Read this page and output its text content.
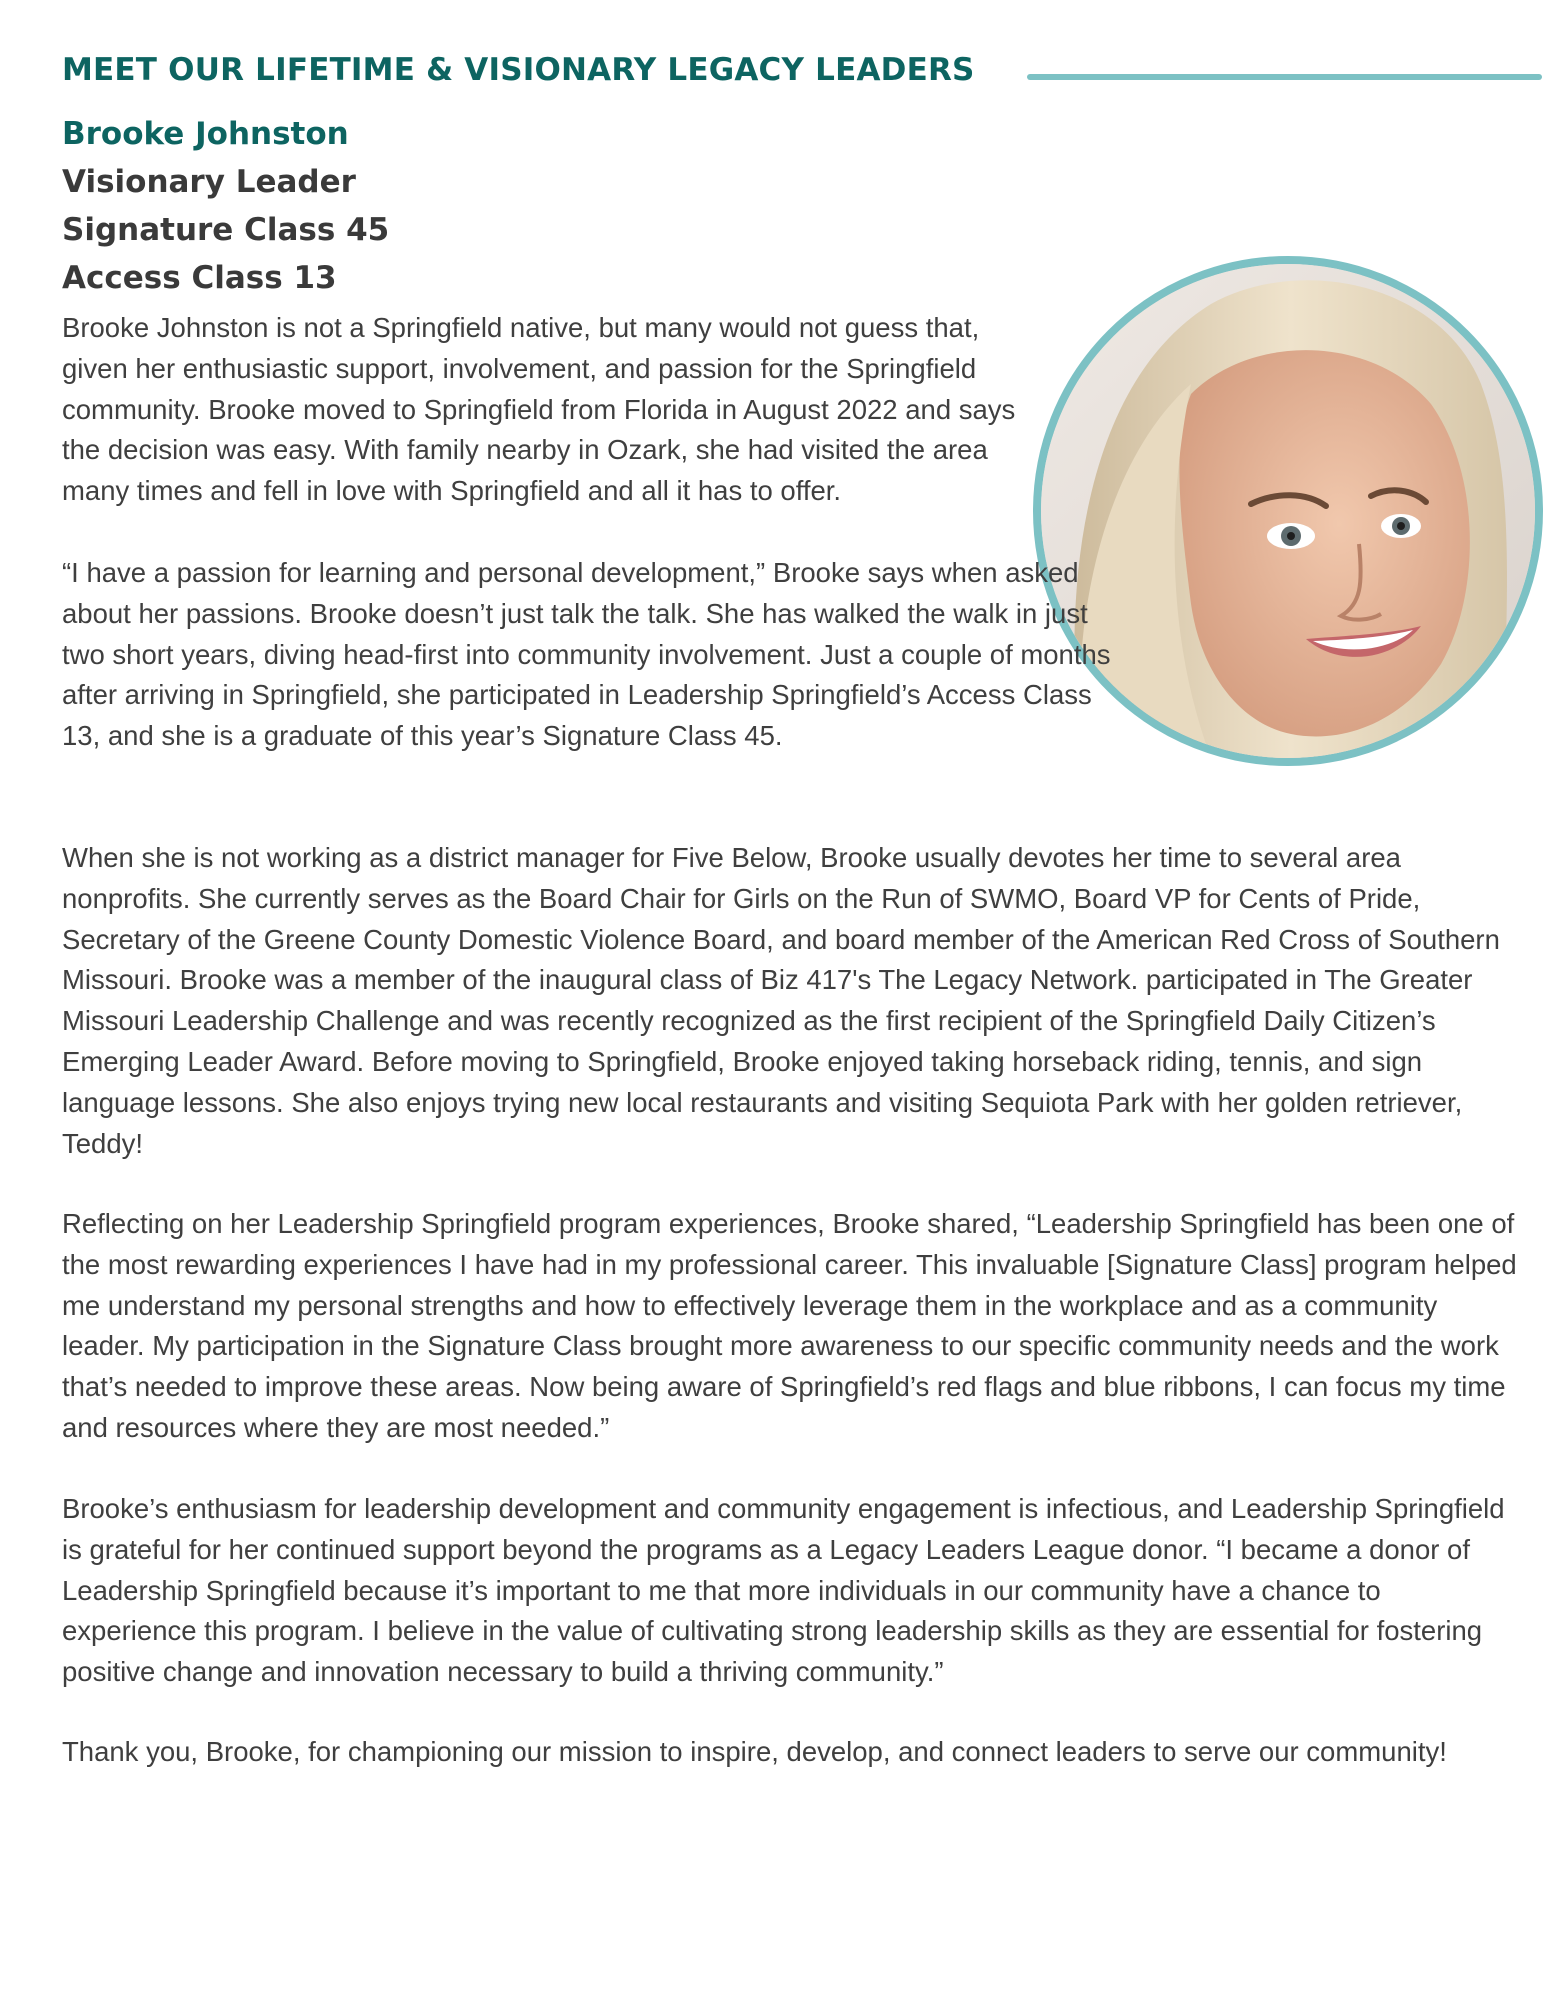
MEET OUR LIFETIME & VISIONARY LEGACY LEADERS
Brooke Johnston
Visionary Leader
Signature Class 45
Access Class 13

Brooke Johnston is not a Springfield native, but many would not guess that, given her enthusiastic support, involvement, and passion for the Springfield community. Brooke moved to Springfield from Florida in August 2022 and says the decision was easy. With family nearby in Ozark, she had visited the area many times and fell in love with Springfield and all it has to offer.

“I have a passion for learning and personal development,” Brooke says when asked about her passions. Brooke doesn’t just talk the talk. She has walked the walk in just two short years, diving head-first into community involvement. Just a couple of months after arriving in Springfield, she participated in Leadership Springfield’s Access Class 13, and she is a graduate of this year’s Signature Class 45.

When she is not working as a district manager for Five Below, Brooke usually devotes her time to several area nonprofits. She currently serves as the Board Chair for Girls on the Run of SWMO, Board VP for Cents of Pride, Secretary of the Greene County Domestic Violence Board, and board member of the American Red Cross of Southern Missouri. Brooke was a member of the inaugural class of Biz 417's The Legacy Network. participated in The Greater Missouri Leadership Challenge and was recently recognized as the first recipient of the Springfield Daily Citizen’s Emerging Leader Award. Before moving to Springfield, Brooke enjoyed taking horseback riding, tennis, and sign language lessons. She also enjoys trying new local restaurants and visiting Sequiota Park with her golden retriever, Teddy!

Reflecting on her Leadership Springfield program experiences, Brooke shared, “Leadership Springfield has been one of the most rewarding experiences I have had in my professional career. This invaluable [Signature Class] program helped me understand my personal strengths and how to effectively leverage them in the workplace and as a community leader. My participation in the Signature Class brought more awareness to our specific community needs and the work that’s needed to improve these areas. Now being aware of Springfield’s red flags and blue ribbons, I can focus my time and resources where they are most needed.”

Brooke’s enthusiasm for leadership development and community engagement is infectious, and Leadership Springfield is grateful for her continued support beyond the programs as a Legacy Leaders League donor. “I became a donor of Leadership Springfield because it’s important to me that more individuals in our community have a chance to experience this program. I believe in the value of cultivating strong leadership skills as they are essential for fostering positive change and innovation necessary to build a thriving community.”

Thank you, Brooke, for championing our mission to inspire, develop, and connect leaders to serve our community!
